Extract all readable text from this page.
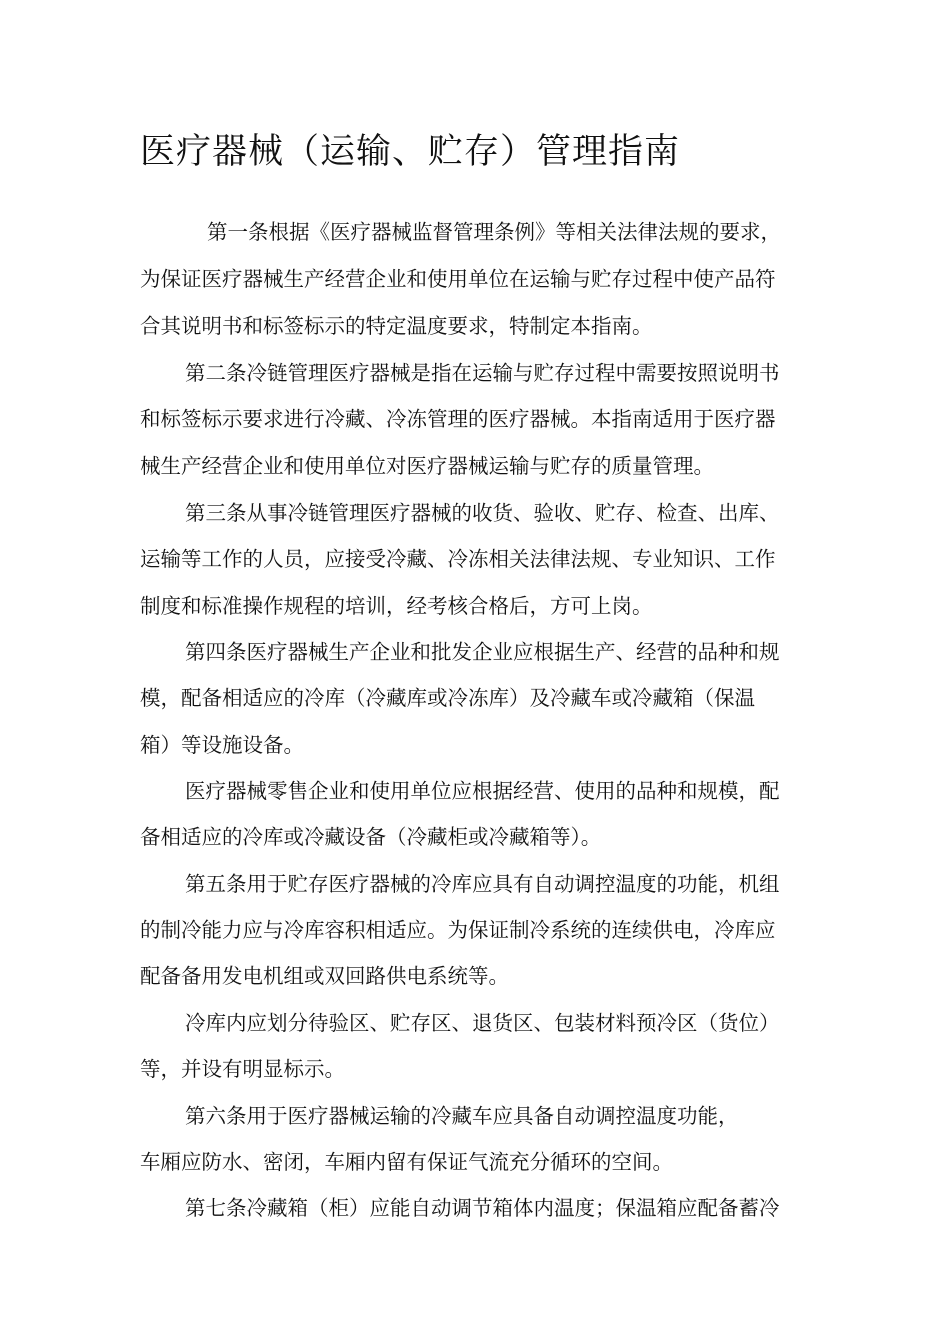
医疗器械（运输、贮存）管理指南

第一条根据《医疗器械监督管理条例》等相关法律法规的要求，

为保证医疗器械生产经营企业和使用单位在运输与贮存过程中使产品符

合其说明书和标签标示的特定温度要求，特制定本指南。

第二条冷链管理医疗器械是指在运输与贮存过程中需要按照说明书

和标签标示要求进行冷藏、冷冻管理的医疗器械。本指南适用于医疗器

械生产经营企业和使用单位对医疗器械运输与贮存的质量管理。

第三条从事冷链管理医疗器械的收货、验收、贮存、检查、出库、

运输等工作的人员，应接受冷藏、冷冻相关法律法规、专业知识、工作

制度和标准操作规程的培训，经考核合格后，方可上岗。

第四条医疗器械生产企业和批发企业应根据生产、经营的品种和规

模，配备相适应的冷库（冷藏库或冷冻库）及冷藏车或冷藏箱（保温

箱）等设施设备。

医疗器械零售企业和使用单位应根据经营、使用的品种和规模，配

备相适应的冷库或冷藏设备（冷藏柜或冷藏箱等）。

第五条用于贮存医疗器械的冷库应具有自动调控温度的功能，机组

的制冷能力应与冷库容积相适应。为保证制冷系统的连续供电，冷库应

配备备用发电机组或双回路供电系统等。

冷库内应划分待验区、贮存区、退货区、包装材料预冷区（货位）

等，并设有明显标示。

第六条用于医疗器械运输的冷藏车应具备自动调控温度功能，

车厢应防水、密闭，车厢内留有保证气流充分循环的空间。

第七条冷藏箱（柜）应能自动调节箱体内温度；保温箱应配备蓄冷
